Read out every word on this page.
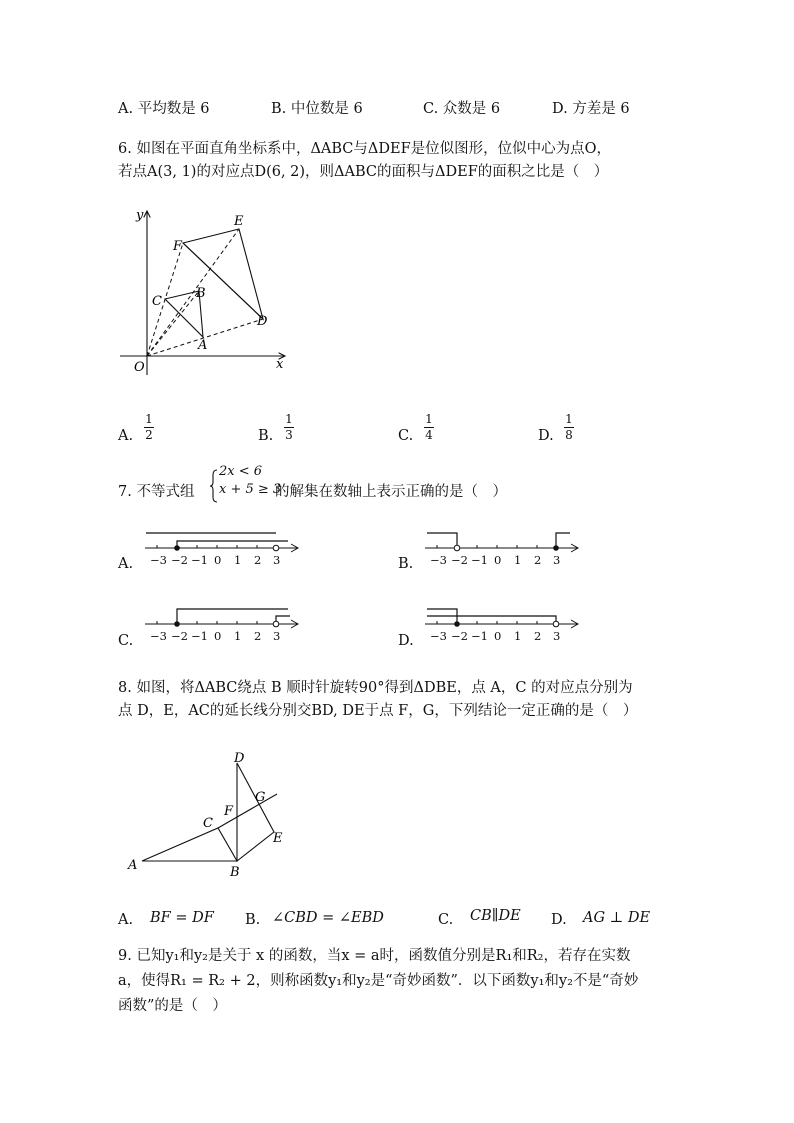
A. 平均数是 6	B. 中位数是 6	C. 众数是 6	D. 方差是 6
6. 如图在平面直角坐标系中，ΔABC与ΔDEF是位似图形，位似中心为点O，
若点A(3, 1)的对应点D(6, 2)，则ΔABC的面积与ΔDEF的面积之比是（　）
y
x
O
A
B
C
D
E
F
A.
1
2	B.
1
3	C.
1
4	D.
1
8
7. 不等式组
2x < 6
x + 5 ≥ 3
的解集在数轴上表示正确的是（　）
−3 −2 −1 0 1 2 3
A.	−3 −2 −1 0 1 2 3
B.
−3 −2 −1 0 1 2 3
C.	−3 −2 −1 0 1 2 3
D.
8. 如图，将ΔABC绕点 B 顺时针旋转90°得到ΔDBE，点 A，C 的对应点分别为
点 D，E，AC的延长线分别交BD, DE于点 F，G，下列结论一定正确的是（　）
A	B
C
D
E
F
G
A. BF = DF B. ∠CBD = ∠EBD	C. CB∥DE D. AG ⊥ DE
9. 已知y₁和y₂是关于 x 的函数，当x = a时，函数值分别是R₁和R₂，若存在实数
a，使得R₁ = R₂ + 2，则称函数y₁和y₂是“奇妙函数”．以下函数y₁和y₂不是“奇妙
函数”的是（　）
